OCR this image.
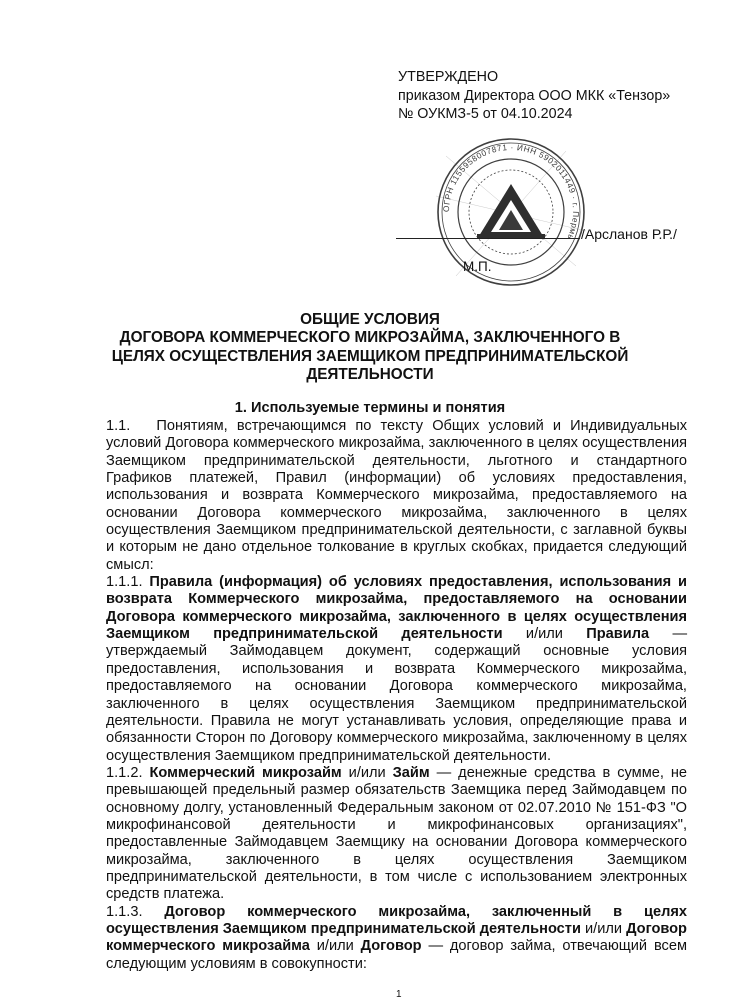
УТВЕРЖДЕНО
приказом Директора ООО МКК «Тензор»
№ ОУКМЗ-5 от 04.10.2024
ОГРН 1155958007871 · ИНН 5902011449 · г. Пермь /Арсланов Р.Р./
М.П.
ОБЩИЕ УСЛОВИЯ
ДОГОВОРА КОММЕРЧЕСКОГО МИКРОЗАЙМА, ЗАКЛЮЧЕННОГО В
ЦЕЛЯХ ОСУЩЕСТВЛЕНИЯ ЗАЕМЩИКОМ ПРЕДПРИНИМАТЕЛЬСКОЙ
ДЕЯТЕЛЬНОСТИ
1. Используемые термины и понятия

1.1. Понятиям, встречающимся по тексту Общих условий и Индивидуальных условий Договора коммерческого микрозайма, заключенного в целях осуществления Заемщиком предпринимательской деятельности, льготного и стандартного Графиков платежей, Правил (информации) об условиях предоставления, использования и возврата Коммерческого микрозайма, предоставляемого на основании Договора коммерческого микрозайма, заключенного в целях осуществления Заемщиком предпринимательской деятельности, с заглавной буквы и которым не дано отдельное толкование в круглых скобках, придается следующий смысл:

1.1.1. Правила (информация) об условиях предоставления, использования и возврата Коммерческого микрозайма, предоставляемого на основании Договора коммерческого микрозайма, заключенного в целях осуществления Заемщиком предпринимательской деятельности и/или Правила — утверждаемый Займодавцем документ, содержащий основные условия предоставления, использования и возврата Коммерческого микрозайма, предоставляемого на основании Договора коммерческого микрозайма, заключенного в целях осуществления Заемщиком предпринимательской деятельности. Правила не могут устанавливать условия, определяющие права и обязанности Сторон по Договору коммерческого микрозайма, заключенному в целях осуществления Заемщиком предпринимательской деятельности.

1.1.2. Коммерческий микрозайм и/или Займ — денежные средства в сумме, не превышающей предельный размер обязательств Заемщика перед Займодавцем по основному долгу, установленный Федеральным законом от 02.07.2010 № 151-ФЗ "О микрофинансовой деятельности и микрофинансовых организациях", предоставленные Займодавцем Заемщику на основании Договора коммерческого микрозайма, заключенного в целях осуществления Заемщиком предпринимательской деятельности, в том числе с использованием электронных средств платежа.

1.1.3. Договор коммерческого микрозайма, заключенный в целях осуществления Заемщиком предпринимательской деятельности и/или Договор коммерческого микрозайма и/или Договор — договор займа, отвечающий всем следующим условиям в совокупности:

1
